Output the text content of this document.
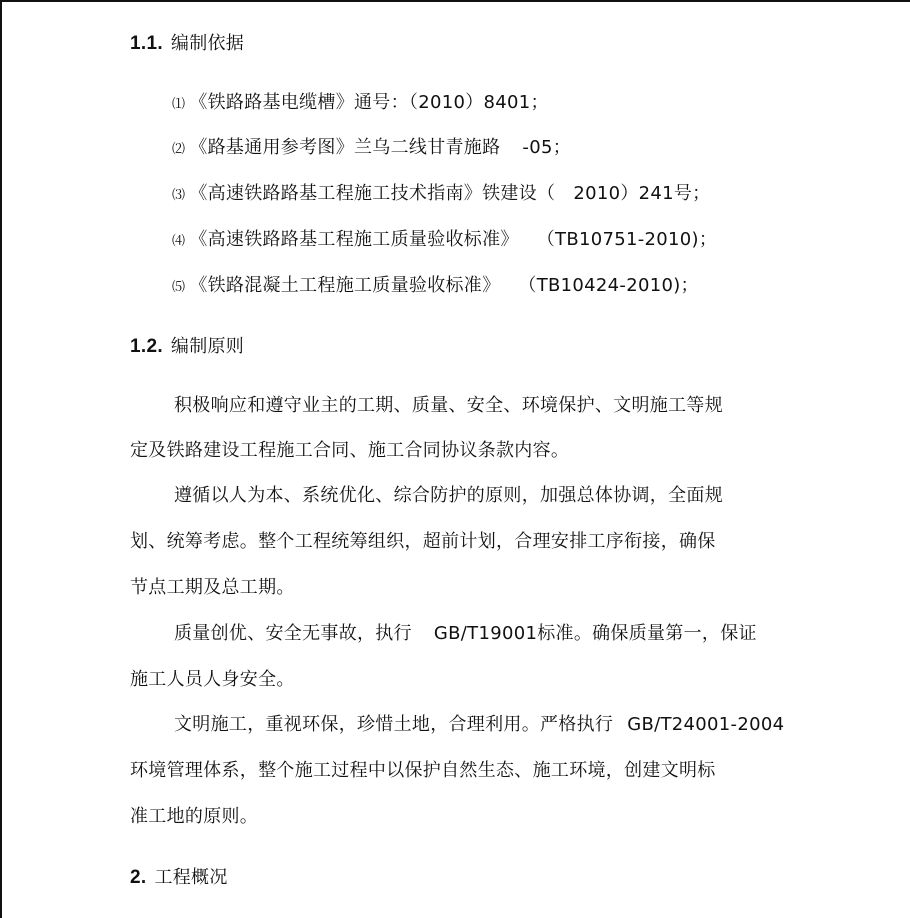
1.1. 编制依据
⑴ 《铁路路基电缆槽》通号：（2010）8401；
⑵ 《路基通用参考图》兰乌二线甘青施路 -05；
⑶ 《高速铁路路基工程施工技术指南》铁建设（ 2010）241号；
⑷ 《高速铁路路基工程施工质量验收标准》 （TB10751-2010)；
⑸ 《铁路混凝土工程施工质量验收标准》 （TB10424-2010)；
1.2. 编制原则
积极响应和遵守业主的工期、质量、安全、环境保护、文明施工等规
定及铁路建设工程施工合同、施工合同协议条款内容。
遵循以人为本、系统优化、综合防护的原则，加强总体协调，全面规
划、统筹考虑。整个工程统筹组织，超前计划，合理安排工序衔接，确保
节点工期及总工期。
质量创优、安全无事故，执行 GB/T19001标准。确保质量第一，保证
施工人员人身安全。
文明施工，重视环保，珍惜土地，合理利用。严格执行 GB/T24001-2004
环境管理体系，整个施工过程中以保护自然生态、施工环境，创建文明标
准工地的原则。
2. 工程概况
